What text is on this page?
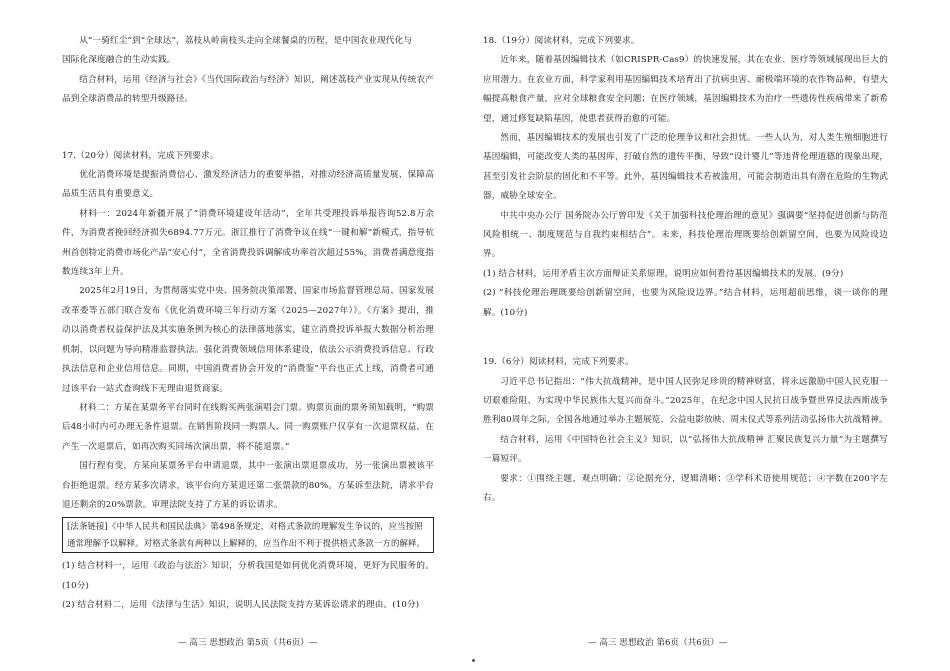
从“一骑红尘”到“全球达”，荔枝从岭南枝头走向全球餐桌的历程，是中国农业现代化与

国际化深度融合的生动实践。

结合材料，运用《经济与社会》《当代国际政治与经济》知识，阐述荔枝产业实现从传统农产品到全球消费品的转型升级路径。

17.（20分）阅读材料，完成下列要求。

优化消费环境是提振消费信心、激发经济活力的重要举措，对推动经济高质量发展、保障高品质生活具有重要意义。

材料一：2024年新疆开展了“消费环境建设年活动”，全年共受理投诉举报咨询52.8万余件，为消费者挽回经济损失6894.77万元。浙江推行了消费争议在线“一键和解”新模式，指导杭州首创特定消费市场化产品“安心付”，全省消费投诉调解成功率首次超过55%，消费者满意度指数连续3年上升。

2025年2月19日，为贯彻落实党中央、国务院决策部署，国家市场监督管理总局、国家发展改革委等五部门联合发布《优化消费环境三年行动方案（2025—2027年）》。《方案》提出，推动以消费者权益保护法及其实施条例为核心的法律落地落实，建立消费投诉举报大数据分析治理机制，以问题为导向精准监督执法。强化消费领域信用体系建设，依法公示消费投诉信息、行政执法信息和企业信用信息。同期，中国消费者协会开发的“消费鉴”平台也正式上线，消费者可通过该平台一站式查询线下无理由退货商家。

材料二：方某在某票务平台同时在线购买两张演唱会门票。购票页面的票务须知载明，“购票后48小时内可办理无条件退票。在销售阶段同一购票人、同一购票账户仅享有一次退票权益，在产生一次退票后，如再次购买同场次演出票，将不能退票。”

国行程有变，方某向某票务平台申请退票，其中一张演出票退票成功，另一张演出票被该平台拒绝退票。经方某多次请求，该平台向方某退还第二张票款的80%。方某诉至法院，请求平台退还剩余的20%票款。审理法院支持了方某的诉讼请求。

[法条链接]《中华人民共和国民法典》第498条规定，对格式条款的理解发生争议的，应当按照通常理解予以解释。对格式条款有两种以上解释的，应当作出不利于提供格式条款一方的解释。

(1) 结合材料一，运用《政治与法治》知识，分析我国是如何优化消费环境，更好为民服务的。(10分)

(2) 结合材料二，运用《法律与生活》知识，说明人民法院支持方某诉讼请求的理由。(10分)

18.（19分）阅读材料，完成下列要求。

近年来，随着基因编辑技术（如CRISPR-Cas9）的快速发展，其在农业、医疗等领域展现出巨大的应用潜力。在农业方面，科学家利用基因编辑技术培育出了抗病虫害、耐极端环境的农作物品种，有望大幅提高粮食产量，应对全球粮食安全问题；在医疗领域，基因编辑技术为治疗一些遗传性疾病带来了新希望，通过修复缺陷基因，使患者获得治愈的可能。

然而，基因编辑技术的发展也引发了广泛的伦理争议和社会担忧。一些人认为，对人类生殖细胞进行基因编辑，可能改变人类的基因库，打破自然的遗传平衡，导致“设计婴儿”等违背伦理道德的现象出现，甚至引发社会阶层的固化和不平等。此外，基因编辑技术若被滥用，可能会制造出具有潜在危险的生物武器，威胁全球安全。

中共中央办公厅 国务院办公厅曾印发《关于加强科技伦理治理的意见》强调要“坚持促进创新与防范风险相统一、制度规范与自我约束相结合”。未来，科技伦理治理既要给创新留空间，也要为风险设边界。

(1) 结合材料，运用矛盾主次方面辩证关系原理，说明应如何看待基因编辑技术的发展。(9分)

(2) “科技伦理治理既要给创新留空间，也要为风险设边界。”结合材料，运用超前思维，谈一谈你的理解。(10分)

19.（6分）阅读材料，完成下列要求。

习近平总书记指出：“伟大抗战精神，是中国人民弥足珍贵的精神财富，将永远激励中国人民克服一切艰难险阻、为实现中华民族伟大复兴而奋斗。”2025年，在纪念中国人民抗日战争暨世界反法西斯战争胜利80周年之际，全国各地通过举办主题展览、公益电影放映、周末仪式等系列活动弘扬伟大抗战精神。

结合材料，运用《中国特色社会主义》知识，以“弘扬伟大抗战精神 汇聚民族复兴力量”为主题撰写一篇短评。

要求：①围绕主题，观点明确；②论据充分，逻辑清晰；③学科术语使用规范；④字数在200字左右。

— 高三 思想政治 第5页（共6页）—	— 高三 思想政治 第6页（共6页）—
